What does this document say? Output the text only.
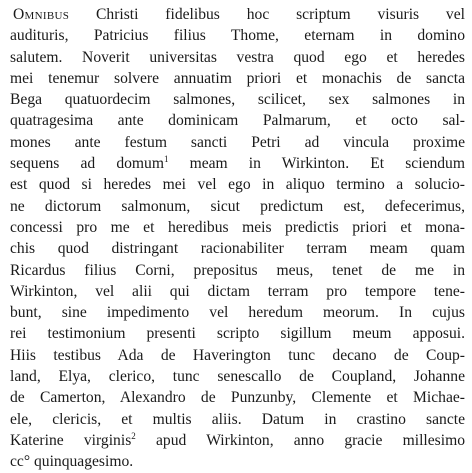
Omnibus Christi fidelibus hoc scriptum visuris vel
audituris, Patricius filius Thome, eternam in domino
salutem. Noverit universitas vestra quod ego et heredes
mei tenemur solvere annuatim priori et monachis de sancta
Bega quatuordecim salmones, scilicet, sex salmones in
quatragesima ante dominicam Palmarum, et octo sal-
mones ante festum sancti Petri ad vincula proxime
sequens ad domum$^1$ meam in Wirkinton. Et sciendum
est quod si heredes mei vel ego in aliquo termino a solucio-
ne dictorum salmonum, sicut predictum est, defecerimus,
concessi pro me et heredibus meis predictis priori et mona-
chis quod distringant racionabiliter terram meam quam
Ricardus filius Corni, prepositus meus, tenet de me in
Wirkinton, vel alii qui dictam terram pro tempore tene-
bunt, sine impedimento vel heredum meorum. In cujus
rei testimonium presenti scripto sigillum meum apposui.
Hiis testibus Ada de Haverington tunc decano de Coup-
land, Elya, clerico, tunc senescallo de Coupland, Johanne
de Camerton, Alexandro de Punzunby, Clemente et Michae-
ele, clericis, et multis aliis. Datum in crastino sancte
Katerine virginis$^2$ apud Wirkinton, anno gracie millesimo
cc° quinquagesimo.
